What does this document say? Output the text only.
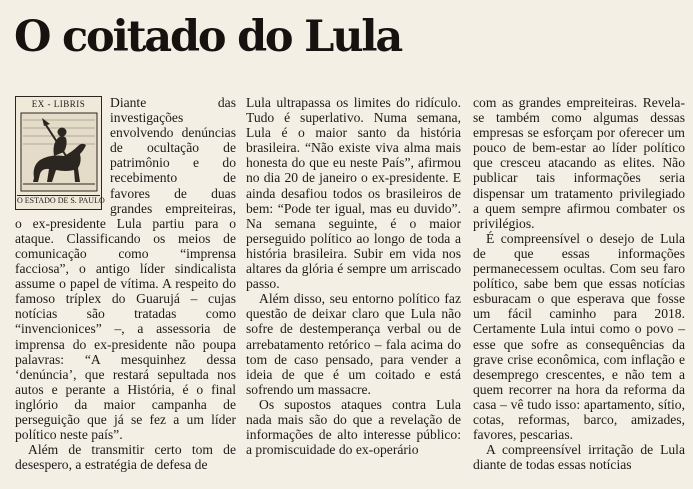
O coitado do Lula
EX - LIBRIS
O ESTADO DE S. PAULO

Diante das investigações envolvendo denúncias de ocultação de patrimônio e do recebimento de favores de duas grandes empreiteiras, o ex-presidente Lula partiu para o ataque. Classificando os meios de comunicação como “imprensa facciosa”, o antigo líder sindicalista assume o papel de vítima. A respeito do famoso tríplex do Guarujá – cujas notícias são tratadas como “invencionices” –, a assessoria de imprensa do ex-presidente não poupa palavras: “A mesquinhez dessa ‘denúncia’, que restará sepultada nos autos e perante a História, é o final inglório da maior campanha de perseguição que já se fez a um líder político neste país”.

Além de transmitir certo tom de desespero, a estratégia de defesa de

Lula ultrapassa os limites do ridículo. Tudo é superlativo. Numa semana, Lula é o maior santo da história brasileira. “Não existe viva alma mais honesta do que eu neste País”, afirmou no dia 20 de janeiro o ex-presidente. E ainda desafiou todos os brasileiros de bem: “Pode ter igual, mas eu duvido”. Na semana seguinte, é o maior perseguido político ao longo de toda a história brasileira. Subir em vida nos altares da glória é sempre um arriscado passo.

Além disso, seu entorno político faz questão de deixar claro que Lula não sofre de destemperança verbal ou de arrebatamento retórico – fala acima do tom de caso pensado, para vender a ideia de que é um coitado e está sofrendo um massacre.

Os supostos ataques contra Lula nada mais são do que a revelação de informações de alto interesse público: a promiscuidade do ex-operário

com as grandes empreiteiras. Revela-se também como algumas dessas empresas se esforçam por oferecer um pouco de bem-estar ao líder político que cresceu atacando as elites. Não publicar tais informações seria dispensar um tratamento privilegiado a quem sempre afirmou combater os privilégios.

É compreensível o desejo de Lula de que essas informações permanecessem ocultas. Com seu faro político, sabe bem que essas notícias esburacam o que esperava que fosse um fácil caminho para 2018. Certamente Lula intui como o povo – esse que sofre as consequências da grave crise econômica, com inflação e desemprego crescentes, e não tem a quem recorrer na hora da reforma da casa – vê tudo isso: apartamento, sítio, cotas, reformas, barco, amizades, favores, pescarias.

A compreensível irritação de Lula diante de todas essas notícias
